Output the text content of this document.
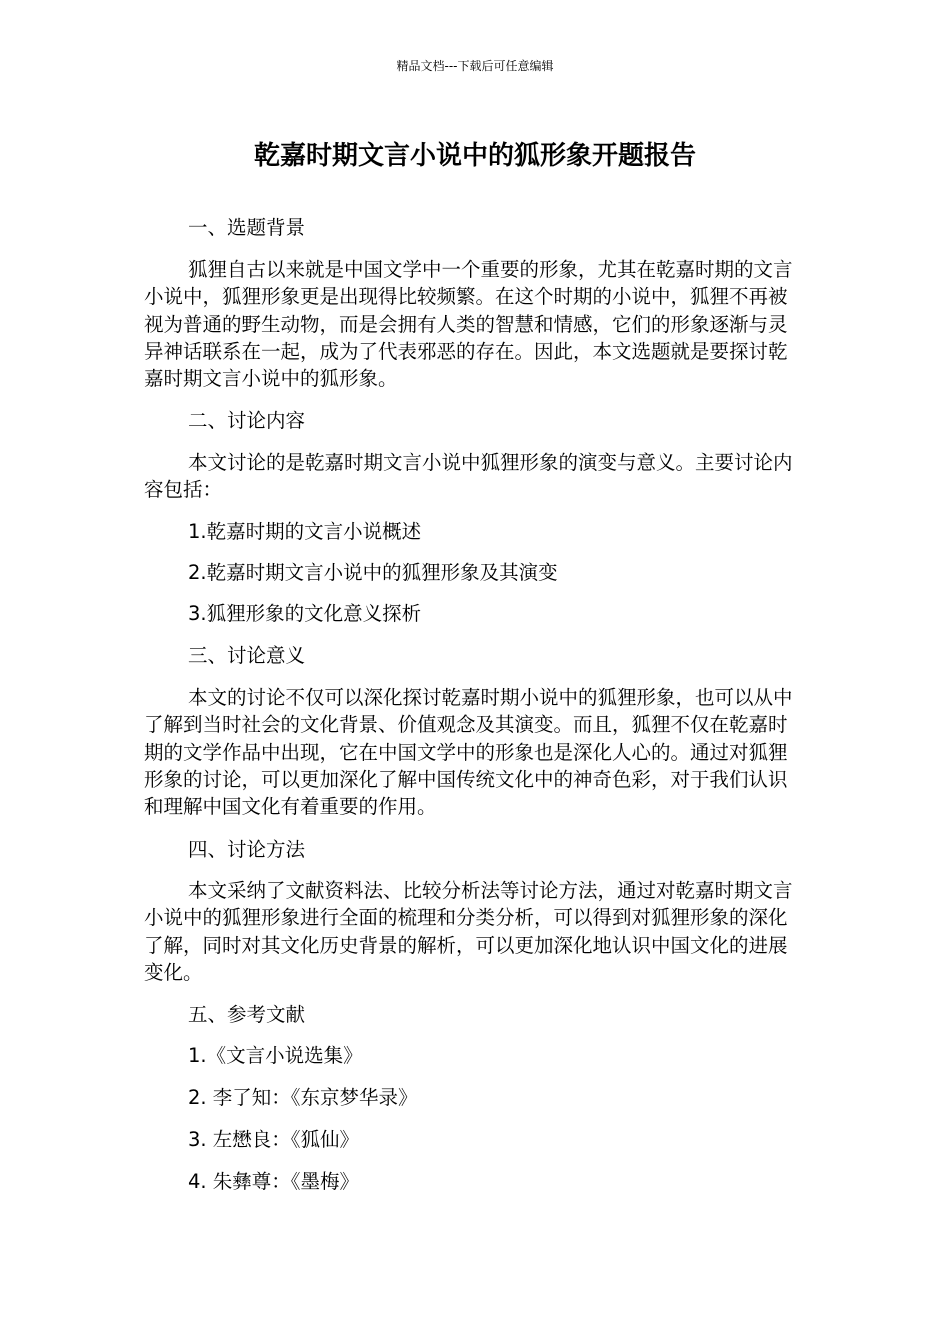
精品文档---下载后可任意编辑
乾嘉时期文言小说中的狐形象开题报告
一、选题背景

狐狸自古以来就是中国文学中一个重要的形象，尤其在乾嘉时期的文言小说中，狐狸形象更是出现得比较频繁。在这个时期的小说中，狐狸不再被视为普通的野生动物，而是会拥有人类的智慧和情感，它们的形象逐渐与灵异神话联系在一起，成为了代表邪恶的存在。因此，本文选题就是要探讨乾嘉时期文言小说中的狐形象。

二、讨论内容

本文讨论的是乾嘉时期文言小说中狐狸形象的演变与意义。主要讨论内容包括：

1.乾嘉时期的文言小说概述
2.乾嘉时期文言小说中的狐狸形象及其演变
3.狐狸形象的文化意义探析
三、讨论意义

本文的讨论不仅可以深化探讨乾嘉时期小说中的狐狸形象，也可以从中了解到当时社会的文化背景、价值观念及其演变。而且，狐狸不仅在乾嘉时期的文学作品中出现，它在中国文学中的形象也是深化人心的。通过对狐狸形象的讨论，可以更加深化了解中国传统文化中的神奇色彩，对于我们认识和理解中国文化有着重要的作用。

四、讨论方法

本文采纳了文献资料法、比较分析法等讨论方法，通过对乾嘉时期文言小说中的狐狸形象进行全面的梳理和分类分析，可以得到对狐狸形象的深化了解，同时对其文化历史背景的解析，可以更加深化地认识中国文化的进展变化。

五、参考文献
1.《文言小说选集》
2. 李了知：《东京梦华录》
3. 左懋良：《狐仙》
4. 朱彝尊：《墨梅》
